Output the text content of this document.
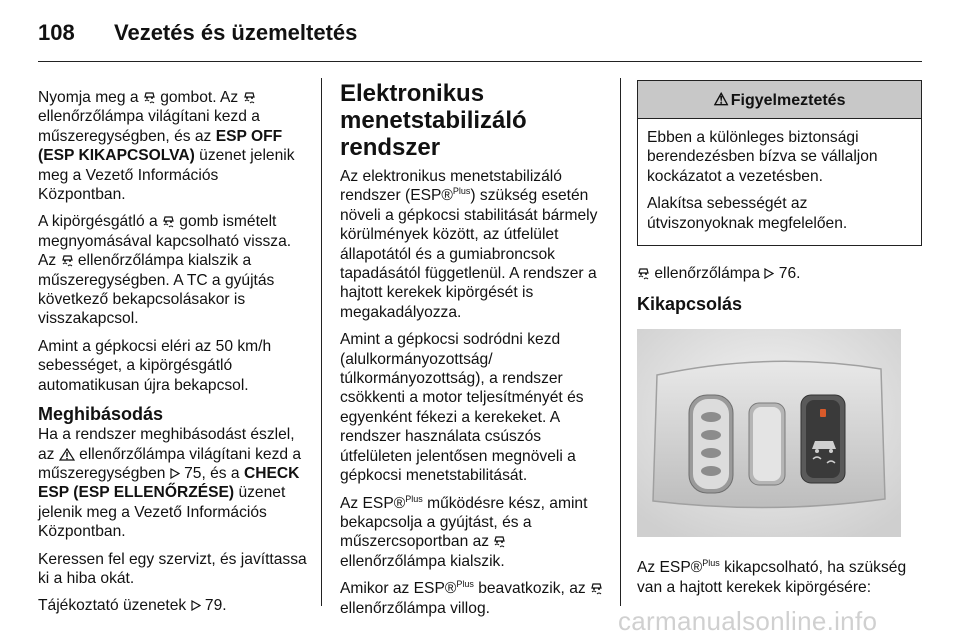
108 Vezetés és üzemeltetés

Nyomja meg a  gombot. Az  ellenőrzőlámpa világítani kezd a műszeregységben, és az ESP OFF (ESP KIKAPCSOLVA) üzenet jelenik meg a Vezető Információs Központban.

A kipörgésgátló a  gomb ismételt megnyomásával kapcsolható vissza. Az  ellenőrzőlámpa kialszik a műszeregységben. A TC a gyújtás következő bekapcsolásakor is visszakapcsol.

Amint a gépkocsi eléri az 50 km/h sebességet, a kipörgésgátló automatikusan újra bekapcsol.

Meghibásodás

Ha a rendszer meghibásodást észlel, az  ellenőrzőlámpa világítani kezd a műszeregységben  75, és a CHECK ESP (ESP ELLENŐRZÉSE) üzenet jelenik meg a Vezető Információs Központban.

Keressen fel egy szervizt, és javíttassa ki a hiba okát.

Tájékoztató üzenetek  79.

Elektronikus
menetstabilizáló rendszer

Az elektronikus menetstabilizáló rendszer (ESP®$^{Plus}$) szükség esetén növeli a gépkocsi stabilitását bármely körülmények között, az útfelület állapotától és a gumiabroncsok tapadásától függetlenül. A rendszer a hajtott kerekek kipörgését is megakadályozza.

Amint a gépkocsi sodródni kezd (alulkormányozottság/ túlkormányozottság), a rendszer csökkenti a motor teljesítményét és egyenként fékezi a kerekeket. A rendszer használata csúszós útfelületen jelentősen megnöveli a gépkocsi menetstabilitását.

Az ESP®$^{Plus}$ működésre kész, amint bekapcsolja a gyújtást, és a műszercsoportban az  ellenőrzőlámpa kialszik.

Amikor az ESP®$^{Plus}$ beavatkozik, az  ellenőrzőlámpa villog.

⚠ Figyelmeztetés

Ebben a különleges biztonsági berendezésben bízva se vállaljon kockázatot a vezetésben.

Alakítsa sebességét az útviszonyoknak megfelelően.

ellenőrzőlámpa  76.

Kikapcsolás

Az ESP®$^{Plus}$ kikapcsolható, ha szükség van a hajtott kerekek kipörgésére:

carmanualsonline.info
